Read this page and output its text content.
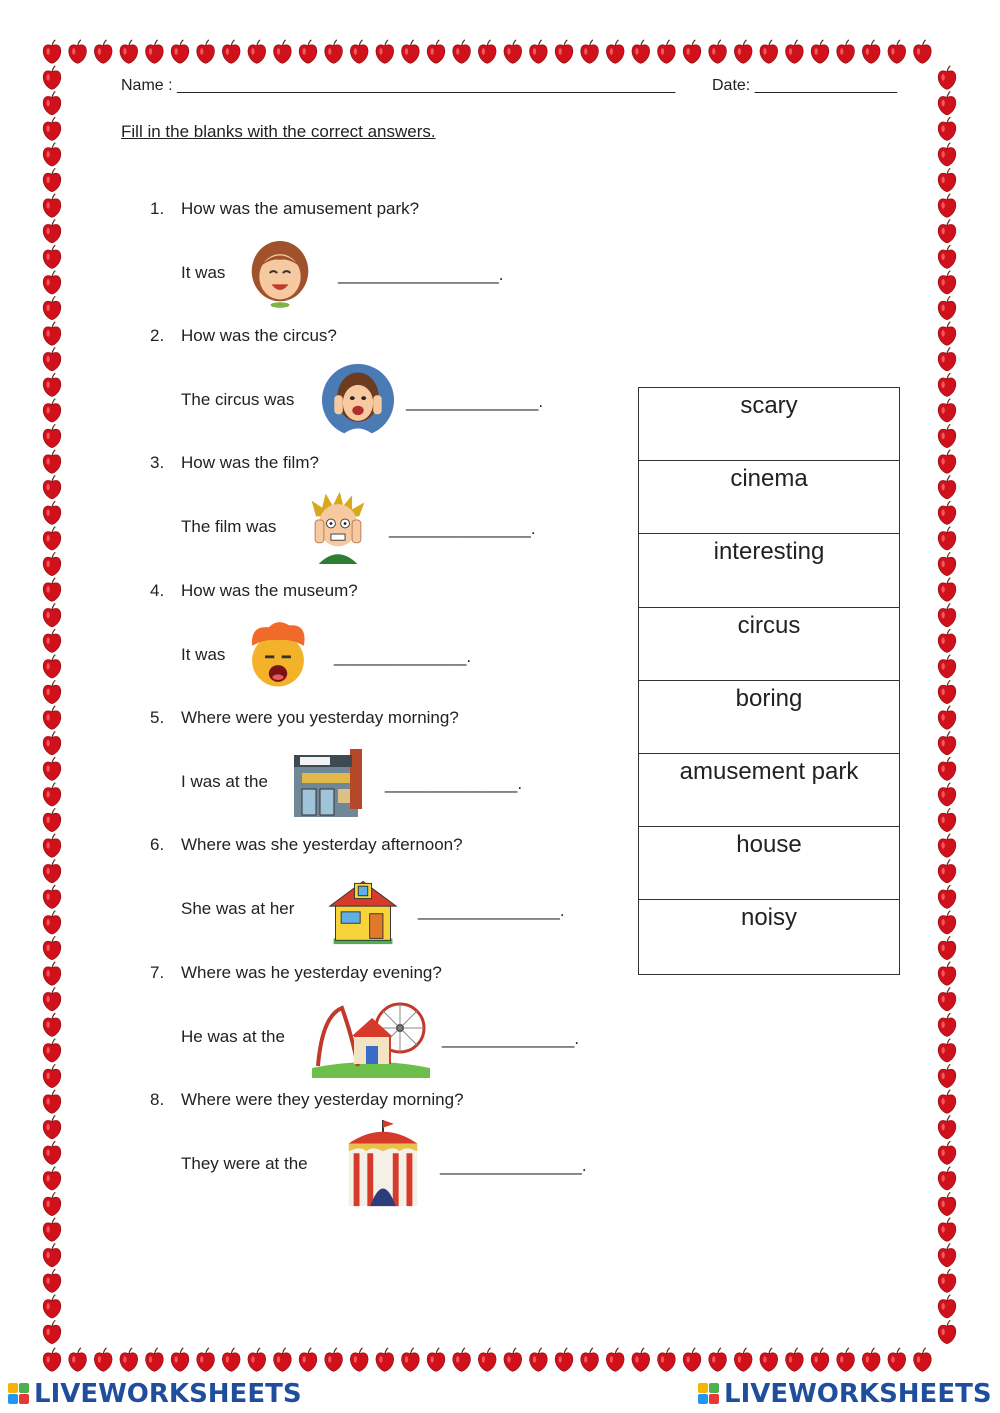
Name : ________________________________________________________ Date: ________________
Fill in the blanks with the correct answers.
1. How was the amusement park?
It was	_________________.
2. How was the circus?
The circus was	______________.
3. How was the film?
The film was	_______________.
4. How was the museum?
It was	______________.
5. Where were you yesterday morning?
I was at the	______________.
6. Where was she yesterday afternoon?
She was at her	_______________.
7. Where was he yesterday evening?
He was at the	______________.
8. Where were they yesterday morning?
They were at the	_______________.
scary
cinema
interesting
circus
boring
amusement park
house
noisy
LIVEWORKSHEETS	LIVEWORKSHEETS
